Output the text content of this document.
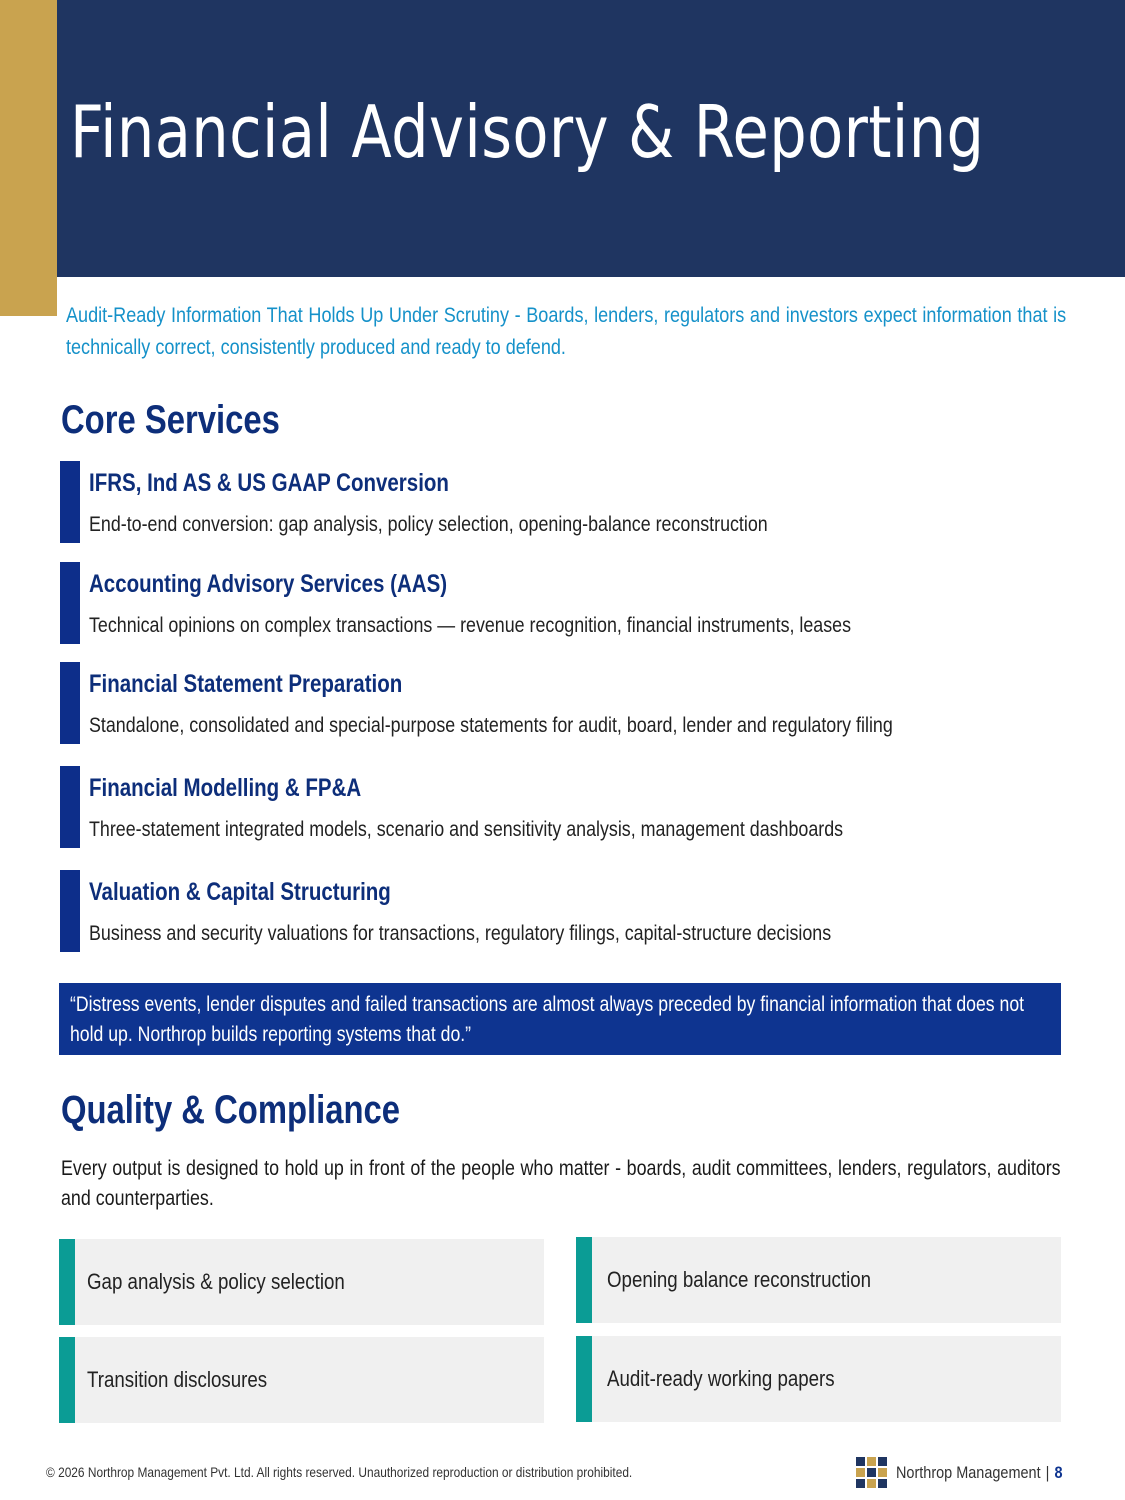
Financial Advisory & Reporting
Audit-Ready Information That Holds Up Under Scrutiny - Boards, lenders, regulators and investors expect information that is technically correct, consistently produced and ready to defend.
Core Services
IFRS, Ind AS & US GAAP Conversion
End-to-end conversion: gap analysis, policy selection, opening-balance reconstruction
Accounting Advisory Services (AAS)
Technical opinions on complex transactions — revenue recognition, financial instruments, leases
Financial Statement Preparation
Standalone, consolidated and special-purpose statements for audit, board, lender and regulatory filing
Financial Modelling & FP&A
Three-statement integrated models, scenario and sensitivity analysis, management dashboards
Valuation & Capital Structuring
Business and security valuations for transactions, regulatory filings, capital-structure decisions
“Distress events, lender disputes and failed transactions are almost always preceded by financial information that does not hold up. Northrop builds reporting systems that do.”
Quality & Compliance
Every output is designed to hold up in front of the people who matter - boards, audit committees, lenders, regulators, auditors and counterparties.
Gap analysis & policy selection	Opening balance reconstruction
Transition disclosures	Audit-ready working papers
© 2026 Northrop Management Pvt. Ltd. All rights reserved. Unauthorized reproduction or distribution prohibited.	Northrop Management | 8
